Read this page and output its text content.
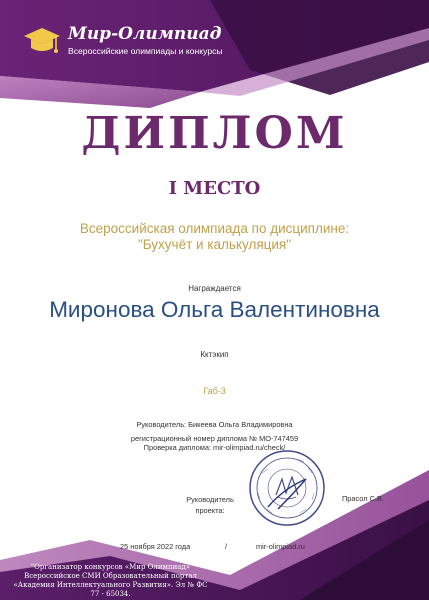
Мир-Олимпиад
Всероссийские олимпиады и конкурсы
ДИПЛОМ
I МЕСТО
Всероссийская олимпиада по дисциплине:
"Бухучёт и калькуляция"
Награждается
Миронова Ольга Валентиновна
Кктэкип
Габ-3
Руководитель: Бикеева Ольга Владимировна
регистрационный номер диплома № МО-747459
Проверка диплома: mir-olimpiad.ru/check/
Руководитель проекта:
Прасол С.В.
25 ноября 2022 года	/	mir-olimpiad.ru
"Организатор конкурсов «Мир Олимпиад»
Всероссийское СМИ Образовательный портал
«Академия Интеллектуального Развития». Эл № ФС 77 - 65034.
